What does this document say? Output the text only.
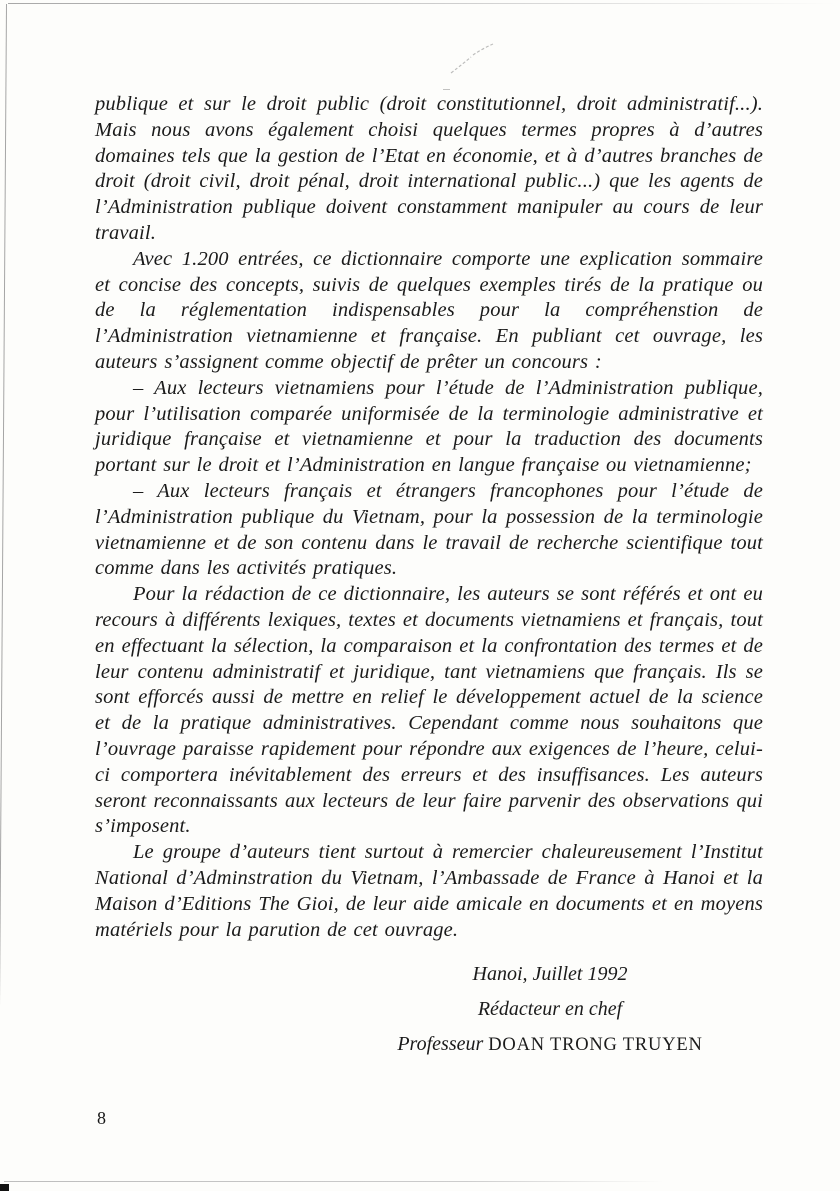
publique et sur le droit public (droit constitutionnel, droit administratif...). Mais nous avons également choisi quelques termes propres à d’autres domaines tels que la gestion de l’Etat en économie, et à d’autres branches de droit (droit civil, droit pénal, droit international public...) que les agents de l’Administration publique doivent constamment manipuler au cours de leur travail.

Avec 1.200 entrées, ce dictionnaire comporte une explication sommaire et concise des concepts, suivis de quelques exemples tirés de la pratique ou de la réglementation indispensables pour la compréhenstion de l’Administration vietnamienne et française. En publiant cet ouvrage, les auteurs s’assignent comme objectif de prêter un concours :

– Aux lecteurs vietnamiens pour l’étude de l’Administration publique, pour l’utilisation comparée uniformisée de la terminologie administrative et juridique française et vietnamienne et pour la traduction des documents portant sur le droit et l’Administration en langue française ou vietnamienne;

– Aux lecteurs français et étrangers francophones pour l’étude de l’Administration publique du Vietnam, pour la possession de la terminologie vietnamienne et de son contenu dans le travail de recherche scientifique tout comme dans les activités pratiques.

Pour la rédaction de ce dictionnaire, les auteurs se sont référés et ont eu recours à différents lexiques, textes et documents vietnamiens et français, tout en effectuant la sélection, la comparaison et la confrontation des termes et de leur contenu administratif et juridique, tant vietnamiens que français. Ils se sont efforcés aussi de mettre en relief le développement actuel de la science et de la pratique administratives. Cependant comme nous souhaitons que l’ouvrage paraisse rapidement pour répondre aux exigences de l’heure, celui-ci comportera inévitablement des erreurs et des insuffisances. Les auteurs seront reconnaissants aux lecteurs de leur faire parvenir des observations qui s’imposent.

Le groupe d’auteurs tient surtout à remercier chaleureusement l’Institut National d’Adminstration du Vietnam, l’Ambassade de France à Hanoi et la Maison d’Editions The Gioi, de leur aide amicale en documents et en moyens matériels pour la parution de cet ouvrage.

Hanoi, Juillet 1992
Rédacteur en chef
Professeur DOAN TRONG TRUYEN
8
